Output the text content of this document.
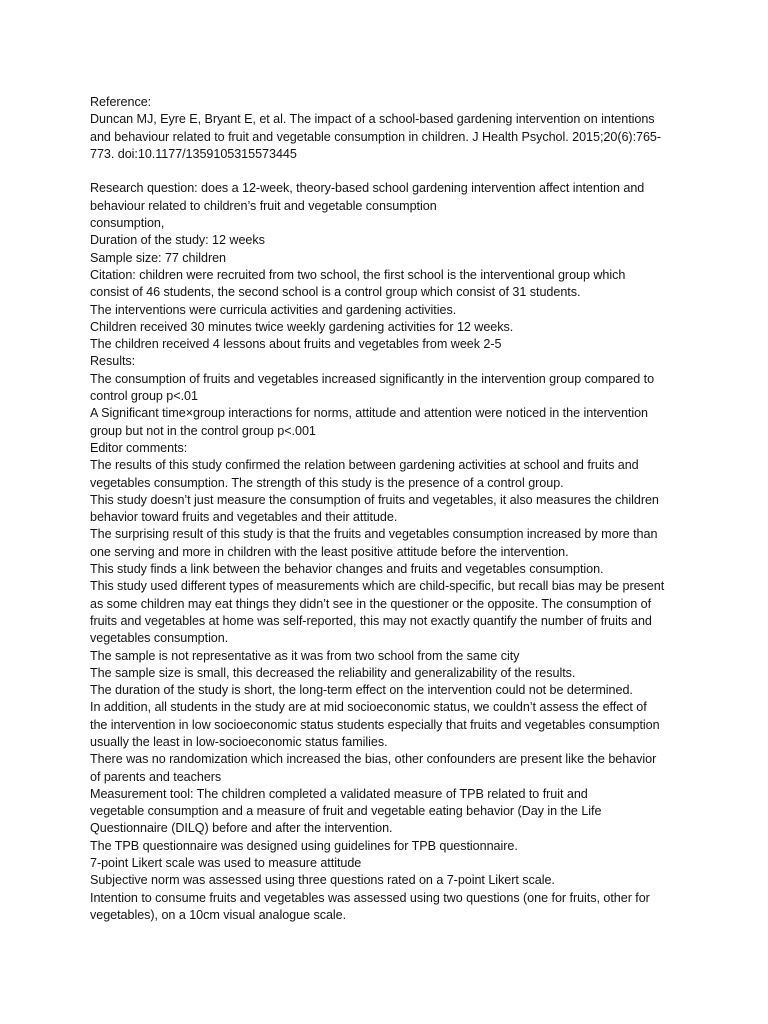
Reference:

Duncan MJ, Eyre E, Bryant E, et al. The impact of a school-based gardening intervention on intentions

and behaviour related to fruit and vegetable consumption in children. J Health Psychol. 2015;20(6):765-

773. doi:10.1177/1359105315573445

Research question: does a 12-week, theory-based school gardening intervention affect intention and

behaviour related to children’s fruit and vegetable consumption

consumption,

Duration of the study: 12 weeks

Sample size: 77 children

Citation: children were recruited from two school, the first school is the interventional group which

consist of 46 students, the second school is a control group which consist of 31 students.

The interventions were curricula activities and gardening activities.

Children received 30 minutes twice weekly gardening activities for 12 weeks.

The children received 4 lessons about fruits and vegetables from week 2-5

Results:

The consumption of fruits and vegetables increased significantly in the intervention group compared to

control group p<.01

A Significant time×group interactions for norms, attitude and attention were noticed in the intervention

group but not in the control group p<.001

Editor comments:

The results of this study confirmed the relation between gardening activities at school and fruits and

vegetables consumption. The strength of this study is the presence of a control group.

This study doesn’t just measure the consumption of fruits and vegetables, it also measures the children

behavior toward fruits and vegetables and their attitude.

The surprising result of this study is that the fruits and vegetables consumption increased by more than

one serving and more in children with the least positive attitude before the intervention.

This study finds a link between the behavior changes and fruits and vegetables consumption.

This study used different types of measurements which are child-specific, but recall bias may be present

as some children may eat things they didn’t see in the questioner or the opposite. The consumption of

fruits and vegetables at home was self-reported, this may not exactly quantify the number of fruits and

vegetables consumption.

The sample is not representative as it was from two school from the same city

The sample size is small, this decreased the reliability and generalizability of the results.

The duration of the study is short, the long-term effect on the intervention could not be determined.

In addition, all students in the study are at mid socioeconomic status, we couldn’t assess the effect of

the intervention in low socioeconomic status students especially that fruits and vegetables consumption

usually the least in low-socioeconomic status families.

There was no randomization which increased the bias, other confounders are present like the behavior

of parents and teachers

Measurement tool: The children completed a validated measure of TPB related to fruit and

vegetable consumption and a measure of fruit and vegetable eating behavior (Day in the Life

Questionnaire (DILQ) before and after the intervention.

The TPB questionnaire was designed using guidelines for TPB questionnaire.

7-point Likert scale was used to measure attitude

Subjective norm was assessed using three questions rated on a 7-point Likert scale.

Intention to consume fruits and vegetables was assessed using two questions (one for fruits, other for

vegetables), on a 10cm visual analogue scale.
